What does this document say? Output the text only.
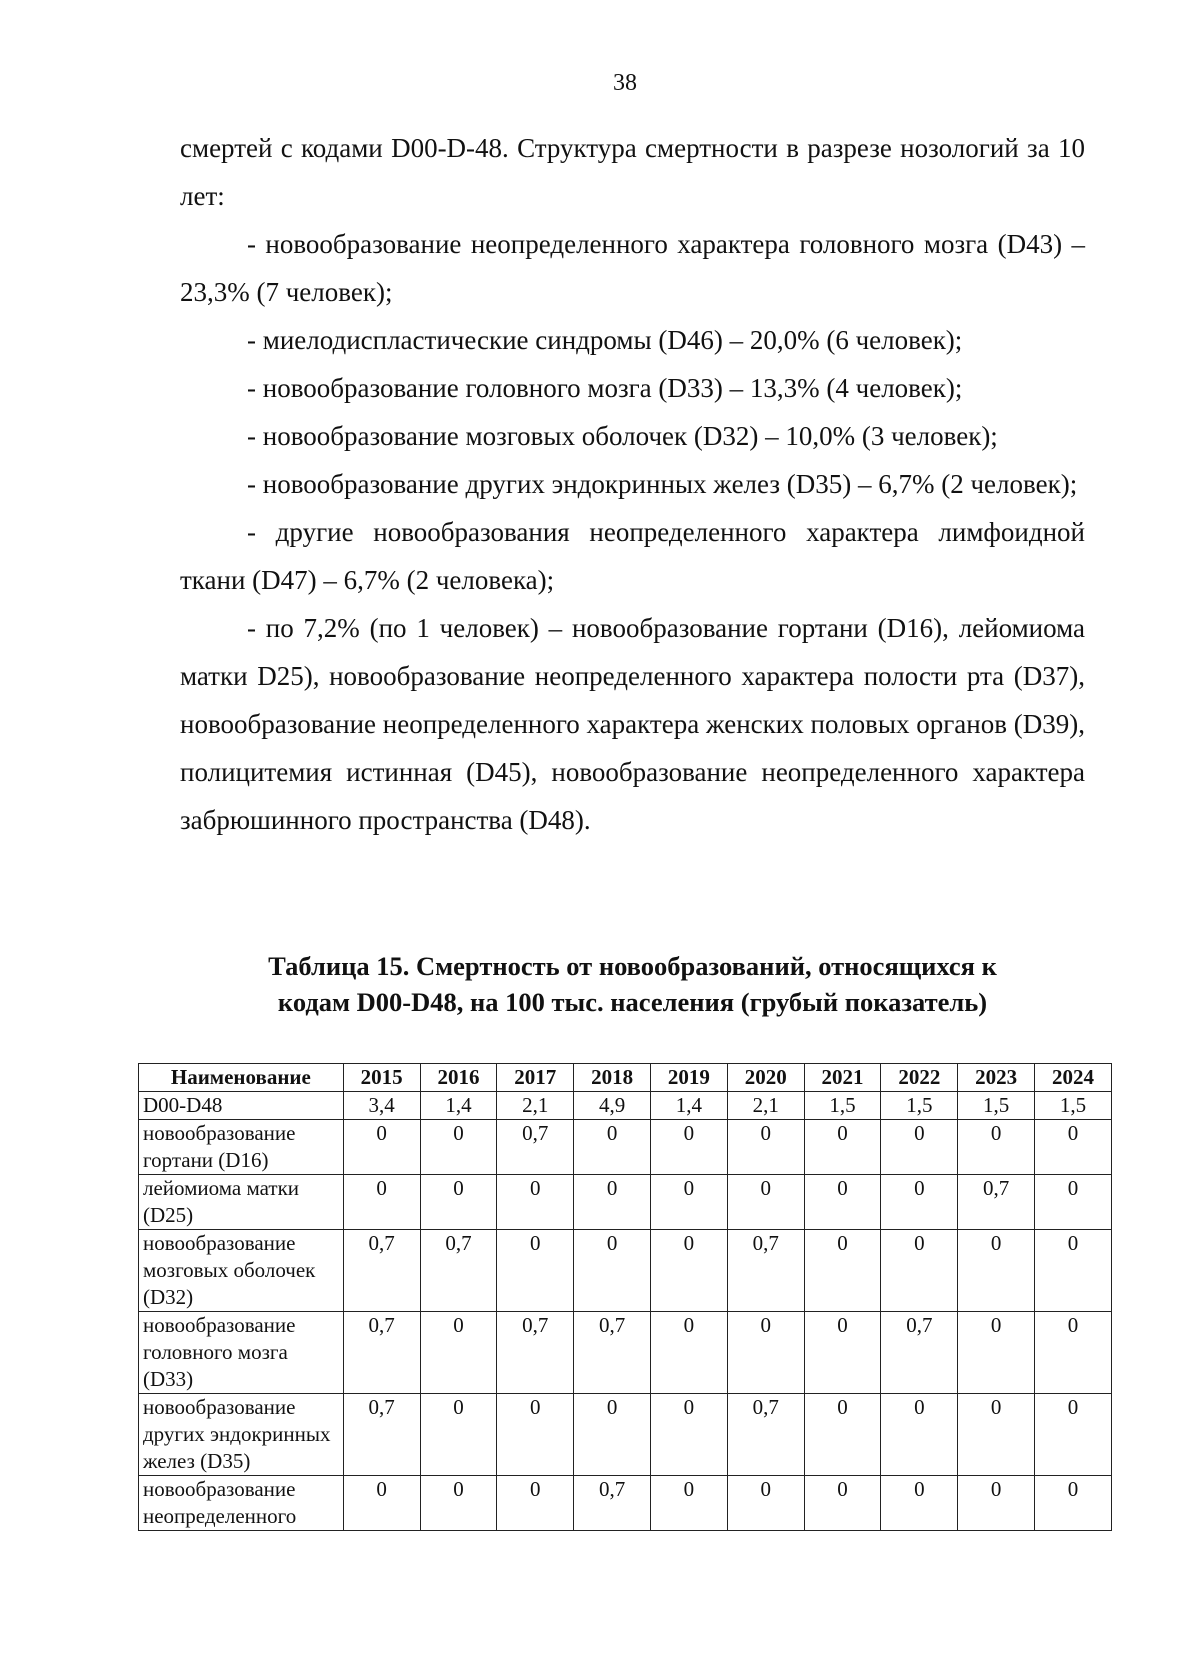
38

смертей с кодами D00-D-48. Структура смертности в разрезе нозологий за 10 лет:

- новообразование неопределенного характера головного мозга (D43) – 23,3% (7 человек);

- миелодиспластические синдромы (D46) – 20,0% (6 человек);

- новообразование головного мозга (D33) – 13,3% (4 человек);

- новообразование мозговых оболочек (D32) – 10,0% (3 человек);

- новообразование других эндокринных желез (D35) – 6,7% (2 человек);

- другие новообразования неопределенного характера лимфоидной ткани (D47) – 6,7% (2 человека);

- по 7,2% (по 1 человек) – новообразование гортани (D16), лейомиома матки D25), новообразование неопределенного характера полости рта (D37), новообразование неопределенного характера женских половых органов (D39), полицитемия истинная (D45), новообразование неопределенного характера забрюшинного пространства (D48).

Таблица 15. Смертность от новообразований, относящихся к
кодам D00-D48, на 100 тыс. населения (грубый показатель)
Наименование	2015	2016	2017	2018	2019	2020	2021	2022	2023	2024
D00-D48	3,4	1,4	2,1	4,9	1,4	2,1	1,5	1,5	1,5	1,5
новообразование гортани (D16)	0	0	0,7	0	0	0	0	0	0	0
лейомиома матки (D25)	0	0	0	0	0	0	0	0	0,7	0
новообразование мозговых оболочек (D32)	0,7	0,7	0	0	0	0,7	0	0	0	0
новообразование головного мозга (D33)	0,7	0	0,7	0,7	0	0	0	0,7	0	0
новообразование других эндокринных желез (D35)	0,7	0	0	0	0	0,7	0	0	0	0
новообразование неопределенного	0	0	0	0,7	0	0	0	0	0	0
